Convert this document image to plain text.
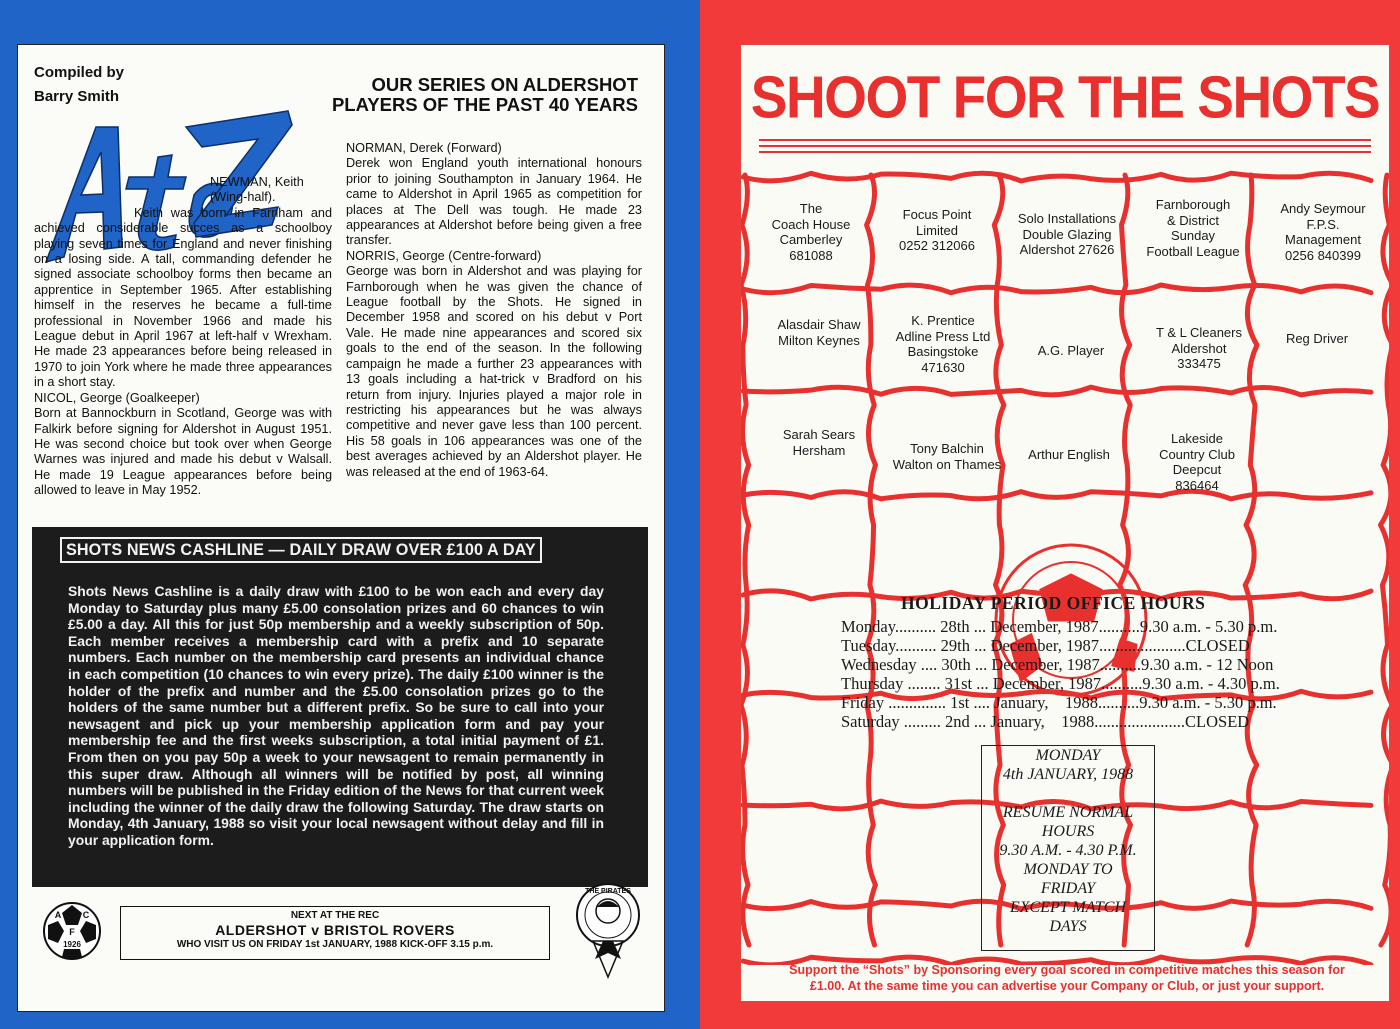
Compiled by
Barry Smith
OUR SERIES ON ALDERSHOT
PLAYERS OF THE PAST 40 YEARS

NEWMAN, Keith

(Wing-half).

Keith was born in Farnham and achieved considerable succes as a schoolboy playing seven times for England and never finishing on a losing side. A tall, commanding defender he signed associate schoolboy forms then became an apprentice in September 1965. After establishing himself in the reserves he became a full-time professional in November 1966 and made his League debut in April 1967 at left-half v Wrexham. He made 23 appearances before being released in 1970 to join York where he made three appearances in a short stay.

NICOL, George (Goalkeeper)

Born at Bannockburn in Scotland, George was with Falkirk before signing for Aldershot in August 1951. He was second choice but took over when George Warnes was injured and made his debut v Walsall. He made 19 League appearances before being allowed to leave in May 1952.

NORMAN, Derek (Forward)

Derek won England youth international honours prior to joining Southampton in January 1964. He came to Aldershot in April 1965 as competition for places at The Dell was tough. He made 23 appearances at Aldershot before being given a free transfer.

NORRIS, George (Centre-forward)

George was born in Aldershot and was playing for Farnborough when he was given the chance of League football by the Shots. He signed in December 1958 and scored on his debut v Port Vale. He made nine appearances and scored six goals to the end of the season. In the following campaign he made a further 23 appearances with 13 goals including a hat-trick v Bradford on his return from injury. Injuries played a major role in restricting his appearances but he was always competitive and never gave less than 100 percent. His 58 goals in 106 appearances was one of the best averages achieved by an Aldershot player. He was released at the end of 1963-64.

SHOTS NEWS CASHLINE — DAILY DRAW OVER £100 A DAY

Shots News Cashline is a daily draw with £100 to be won each and every day Monday to Saturday plus many £5.00 consolation prizes and 60 chances to win £5.00 a day. All this for just 50p membership and a weekly subscription of 50p. Each member receives a membership card with a prefix and 10 separate numbers. Each number on the membership card presents an individual chance in each competition (10 chances to win every prize). The daily £100 winner is the holder of the prefix and number and the £5.00 consolation prizes go to the holders of the same number but a different prefix. So be sure to call into your newsagent and pick up your membership application form and pay your membership fee and the first weeks subscription, a total initial payment of £1. From then on you pay 50p a week to your newsagent to remain permanently in this super draw. Although all winners will be notified by post, all winning numbers will be published in the Friday edition of the News for that current week including the winner of the daily draw the following Saturday. The draw starts on Monday, 4th January, 1988 so visit your local newsagent without delay and fill in your application form.

F
A C
1926
NEXT AT THE REC
ALDERSHOT v BRISTOL ROVERS
WHO VISIT US ON FRIDAY 1st JANUARY, 1988 KICK-OFF 3.15 p.m.
THE PIRATES
SHOOT FOR THE SHOTS
The
Coach House
Camberley
681088
Focus Point
Limited
0252 312066
Solo Installations
Double Glazing
Aldershot 27626
Farnborough
& District
Sunday
Football League
Andy Seymour
F.P.S.
Management
0256 840399
Alasdair Shaw
Milton Keynes
K. Prentice
Adline Press Ltd
Basingstoke
471630
A.G. Player
T & L Cleaners
Aldershot
333475
Reg Driver
Sarah Sears
Hersham	Tony Balchin
Walton on Thames
Arthur English
Lakeside
Country Club
Deepcut
836464
HOLIDAY PERIOD OFFICE HOURS
Monday.......... 28th ... December, 1987..........9.30 a.m. - 5.30 p.m.
Tuesday.......... 29th ... December, 1987.....................CLOSED
Wednesday .... 30th ... December, 1987..........9.30 a.m. - 12 Noon
Thursday ........ 31st ... December, 1987..........9.30 a.m. - 4.30 p.m.
Friday .............. 1st .... January,    1988..........9.30 a.m. - 5.30 p.m.
Saturday ......... 2nd ... January,    1988......................CLOSED

MONDAY

4th JANUARY, 1988

RESUME NORMAL

HOURS

9.30 A.M. - 4.30 P.M.

MONDAY TO

FRIDAY

EXCEPT MATCH

DAYS

Support the “Shots” by Sponsoring every goal scored in competitive matches this season for
£1.00. At the same time you can advertise your Company or Club, or just your support.
